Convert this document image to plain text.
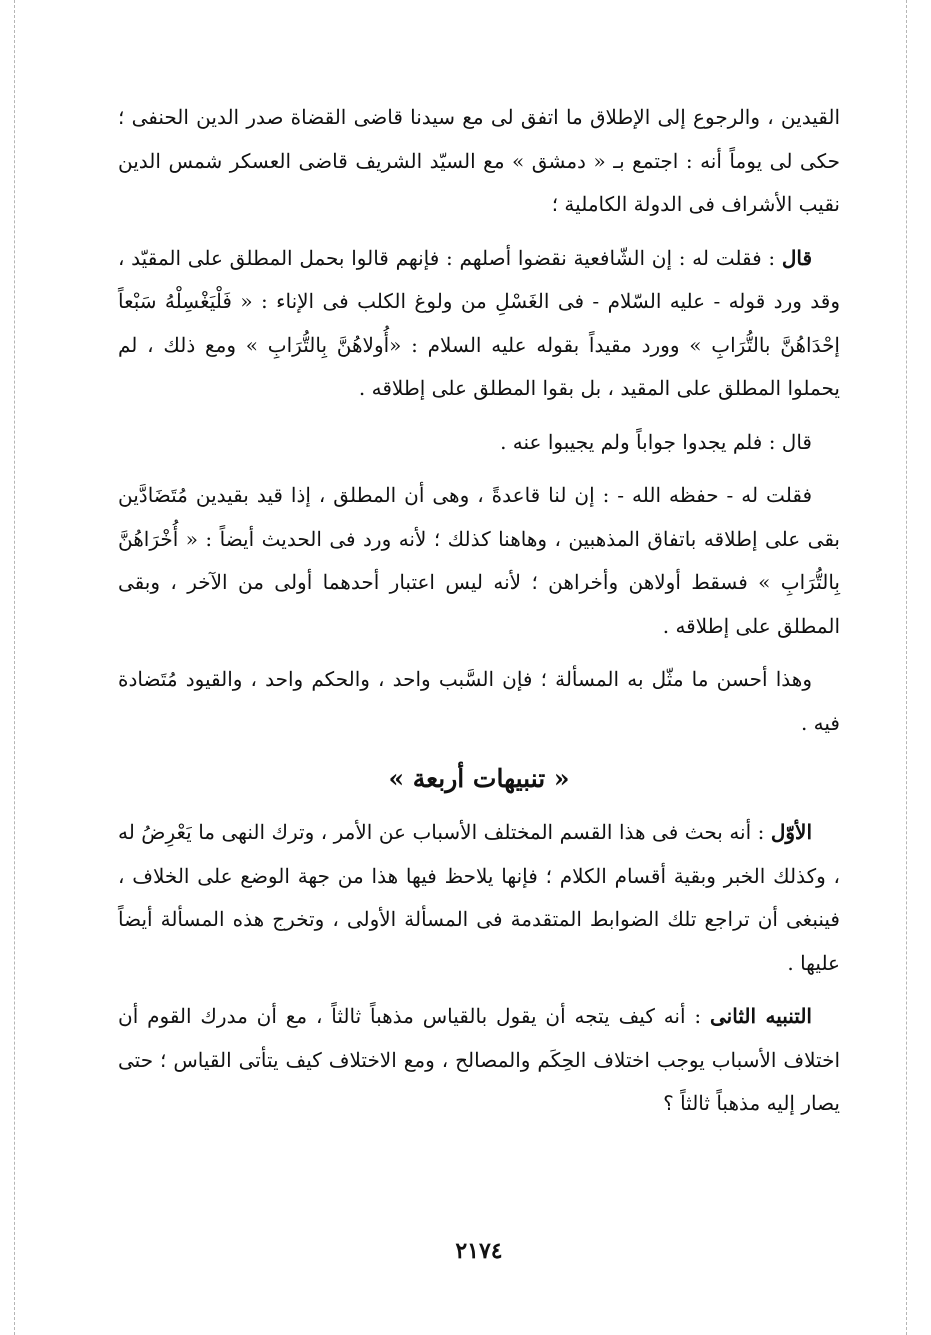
القيدين ، والرجوع إلى الإطلاق ما اتفق لى مع سيدنا قاضى القضاة صدر الدين الحنفى ؛ حكى لى يوماً أنه : اجتمع بـ « دمشق » مع السيّد الشريف قاضى العسكر شمس الدين نقيب الأشراف فى الدولة الكاملية ؛

قال : فقلت له : إن الشّافعية نقضوا أصلهم : فإنهم قالوا بحمل المطلق على المقيّد ، وقد ورد قوله - عليه السّلام - فى الغَسْلِ من ولوغ الكلب فى الإناء : « فَلْيَغْسِلْهُ سَبْعاً إحْدَاهُنَّ بالتُّرَابِ » وورد مقيداً بقوله عليه السلام : «أُولاهُنَّ بِالتُّرَابِ » ومع ذلك ، لم يحملوا المطلق على المقيد ، بل بقوا المطلق على إطلاقه .

قال : فلم يجدوا جواباً ولم يجيبوا عنه .

فقلت له - حفظه الله - : إن لنا قاعدةً ، وهى أن المطلق ، إذا قيد بقيدين مُتَضَادَّين بقى على إطلاقه باتفاق المذهبين ، وهاهنا كذلك ؛ لأنه ورد فى الحديث أيضاً : « أُخْرَاهُنَّ بِالتُّرَابِ » فسقط أولاهن وأخراهن ؛ لأنه ليس اعتبار أحدهما أولى من الآخر ، وبقى المطلق على إطلاقه .

وهذا أحسن ما مثّل به المسألة ؛ فإن السَّبب واحد ، والحكم واحد ، والقيود مُتَضادة فيه .

« تنبيهات أربعة »

الأوّل : أنه بحث فى هذا القسم المختلف الأسباب عن الأمر ، وترك النهى ما يَعْرِضُ له ، وكذلك الخبر وبقية أقسام الكلام ؛ فإنها يلاحظ فيها هذا من جهة الوضع على الخلاف ، فينبغى أن تراجع تلك الضوابط المتقدمة فى المسألة الأولى ، وتخرج هذه المسألة أيضاً عليها .

التنبيه الثانى : أنه كيف يتجه أن يقول بالقياس مذهباً ثالثاً ، مع أن مدرك القوم أن اختلاف الأسباب يوجب اختلاف الحِكَم والمصالح ، ومع الاختلاف كيف يتأتى القياس ؛ حتى يصار إليه مذهباً ثالثاً ؟

٢١٧٤
